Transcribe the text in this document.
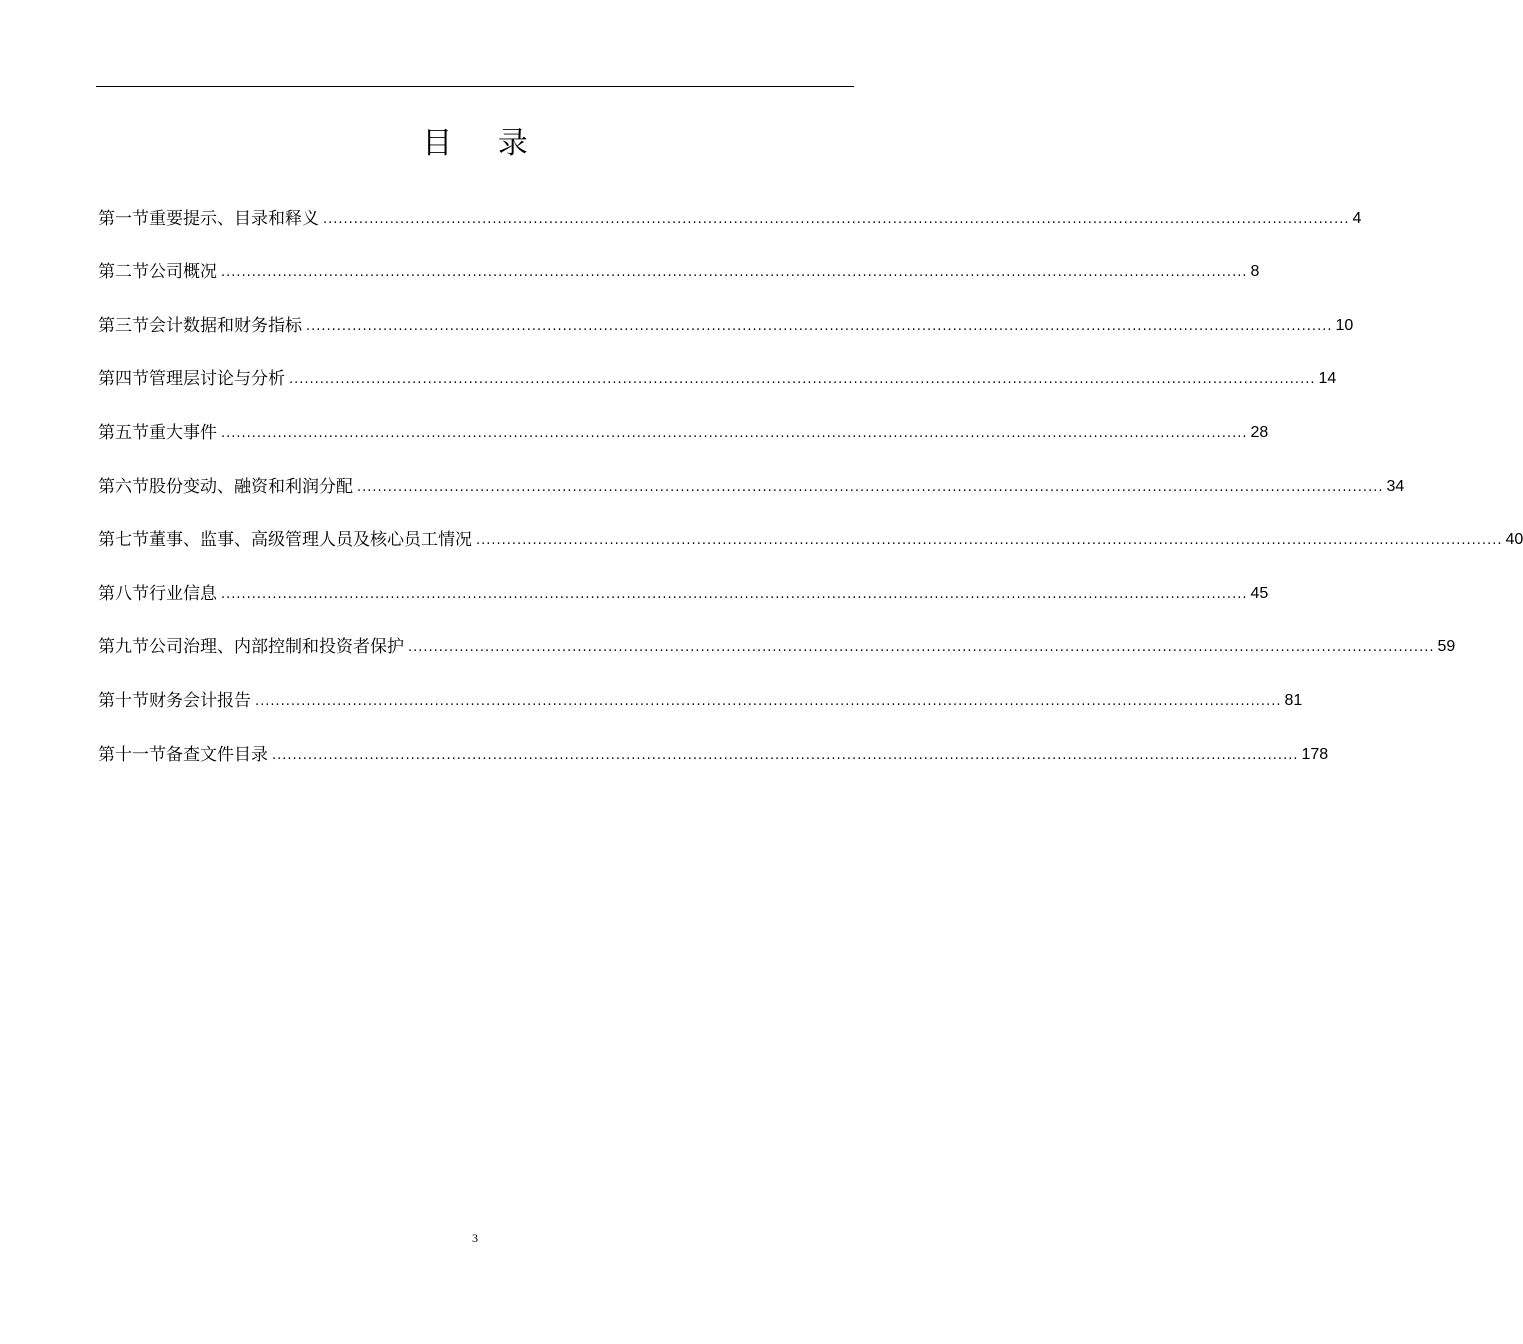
目 录
第一节 重要提示、目录和释义 ........................................................................................................................................................................................................ 4
第二节 公司概况 ........................................................................................................................................................................................................ 8
第三节 会计数据和财务指标 ........................................................................................................................................................................................................ 10
第四节 管理层讨论与分析 ........................................................................................................................................................................................................ 14
第五节 重大事件 ........................................................................................................................................................................................................ 28
第六节 股份变动、融资和利润分配 ........................................................................................................................................................................................................ 34
第七节 董事、监事、高级管理人员及核心员工情况 ........................................................................................................................................................................................................ 40
第八节 行业信息 ........................................................................................................................................................................................................ 45
第九节 公司治理、内部控制和投资者保护 ........................................................................................................................................................................................................ 59
第十节 财务会计报告 ........................................................................................................................................................................................................ 81
第十一节 备查文件目录 ........................................................................................................................................................................................................ 178
3
